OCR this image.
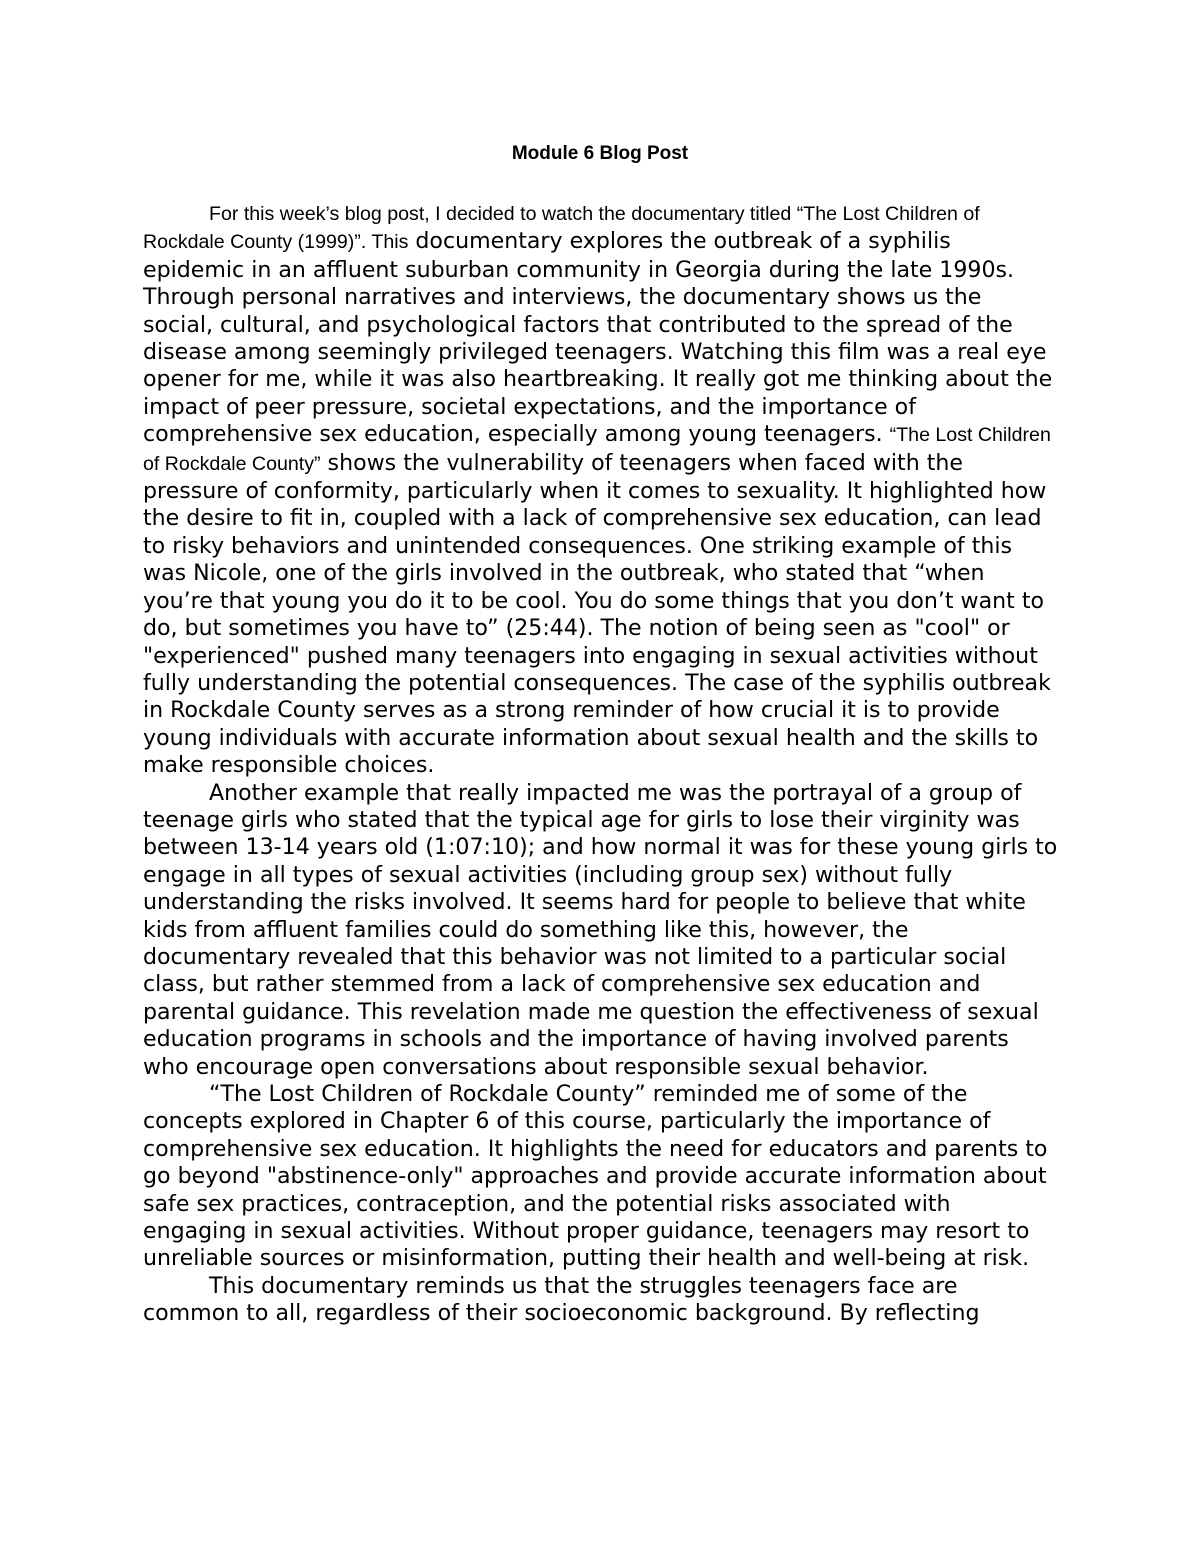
Module 6 Blog Post

For this week’s blog post, I decided to watch the documentary titled “The Lost Children of Rockdale County (1999)”. This documentary explores the outbreak of a syphilis epidemic in an affluent suburban community in Georgia during the late 1990s. Through personal narratives and interviews, the documentary shows us the social, cultural, and psychological factors that contributed to the spread of the disease among seemingly privileged teenagers. Watching this film was a real eye opener for me, while it was also heartbreaking. It really got me thinking about the impact of peer pressure, societal expectations, and the importance of comprehensive sex education, especially among young teenagers. “The Lost Children of Rockdale County” shows the vulnerability of teenagers when faced with the pressure of conformity, particularly when it comes to sexuality. It highlighted how the desire to fit in, coupled with a lack of comprehensive sex education, can lead to risky behaviors and unintended consequences. One striking example of this was Nicole, one of the girls involved in the outbreak, who stated that “when you’re that young you do it to be cool. You do some things that you don’t want to do, but sometimes you have to” (25:44). The notion of being seen as "cool" or "experienced" pushed many teenagers into engaging in sexual activities without fully understanding the potential consequences. The case of the syphilis outbreak in Rockdale County serves as a strong reminder of how crucial it is to provide young individuals with accurate information about sexual health and the skills to make responsible choices.

Another example that really impacted me was the portrayal of a group of teenage girls who stated that the typical age for girls to lose their virginity was between 13-14 years old (1:07:10); and how normal it was for these young girls to engage in all types of sexual activities (including group sex) without fully understanding the risks involved. It seems hard for people to believe that white kids from affluent families could do something like this, however, the documentary revealed that this behavior was not limited to a particular social class, but rather stemmed from a lack of comprehensive sex education and parental guidance. This revelation made me question the effectiveness of sexual education programs in schools and the importance of having involved parents who encourage open conversations about responsible sexual behavior.

“The Lost Children of Rockdale County” reminded me of some of the concepts explored in Chapter 6 of this course, particularly the importance of comprehensive sex education. It highlights the need for educators and parents to go beyond "abstinence-only" approaches and provide accurate information about safe sex practices, contraception, and the potential risks associated with engaging in sexual activities. Without proper guidance, teenagers may resort to unreliable sources or misinformation, putting their health and well-being at risk.

This documentary reminds us that the struggles teenagers face are common to all, regardless of their socioeconomic background. By reflecting
